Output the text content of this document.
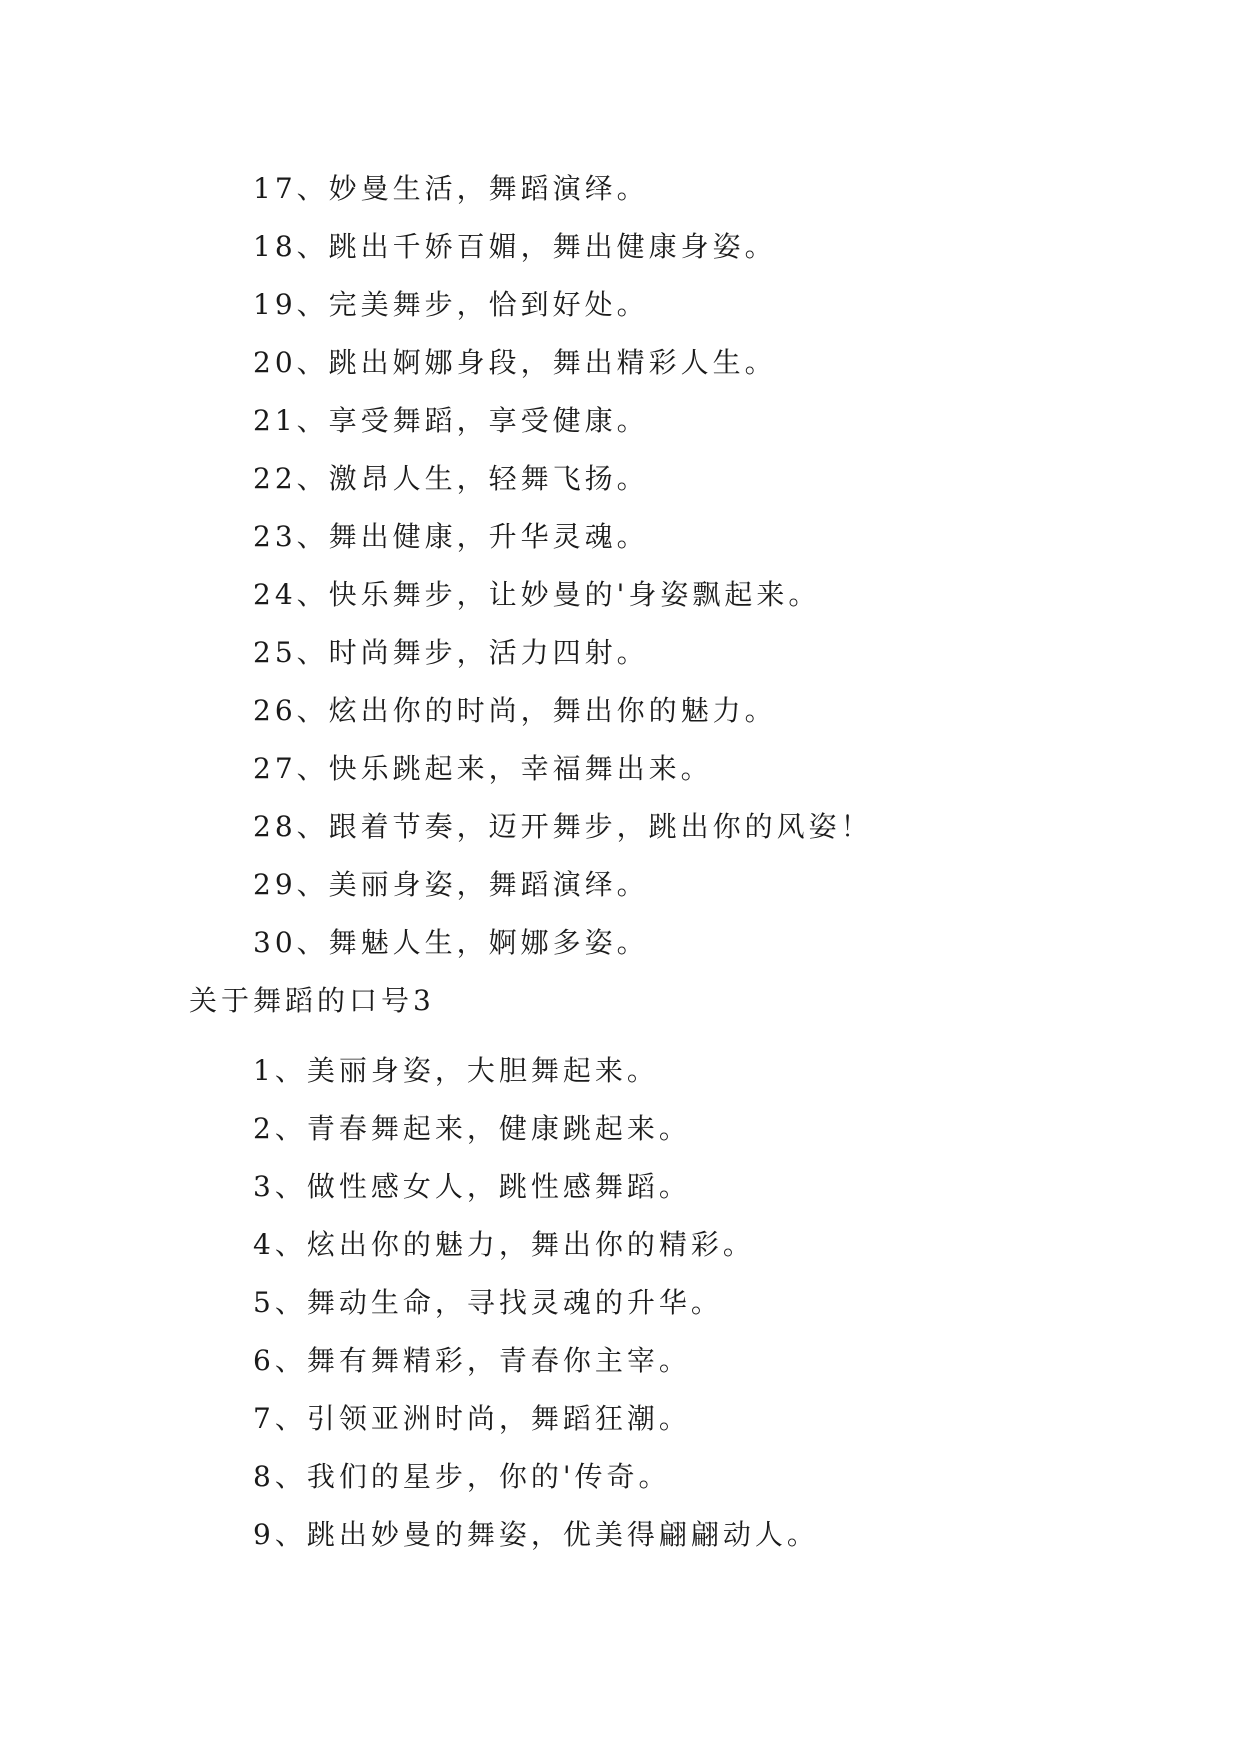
17、妙曼生活，舞蹈演绎。
18、跳出千娇百媚，舞出健康身姿。
19、完美舞步，恰到好处。
20、跳出婀娜身段，舞出精彩人生。
21、享受舞蹈，享受健康。
22、激昂人生，轻舞飞扬。
23、舞出健康，升华灵魂。
24、快乐舞步，让妙曼的'身姿飘起来。
25、时尚舞步，活力四射。
26、炫出你的时尚，舞出你的魅力。
27、快乐跳起来，幸福舞出来。
28、跟着节奏，迈开舞步，跳出你的风姿！
29、美丽身姿，舞蹈演绎。
30、舞魅人生，婀娜多姿。
关于舞蹈的口号3
1、美丽身姿，大胆舞起来。
2、青春舞起来，健康跳起来。
3、做性感女人，跳性感舞蹈。
4、炫出你的魅力，舞出你的精彩。
5、舞动生命，寻找灵魂的升华。
6、舞有舞精彩，青春你主宰。
7、引领亚洲时尚，舞蹈狂潮。
8、我们的星步，你的'传奇。
9、跳出妙曼的舞姿，优美得翩翩动人。
